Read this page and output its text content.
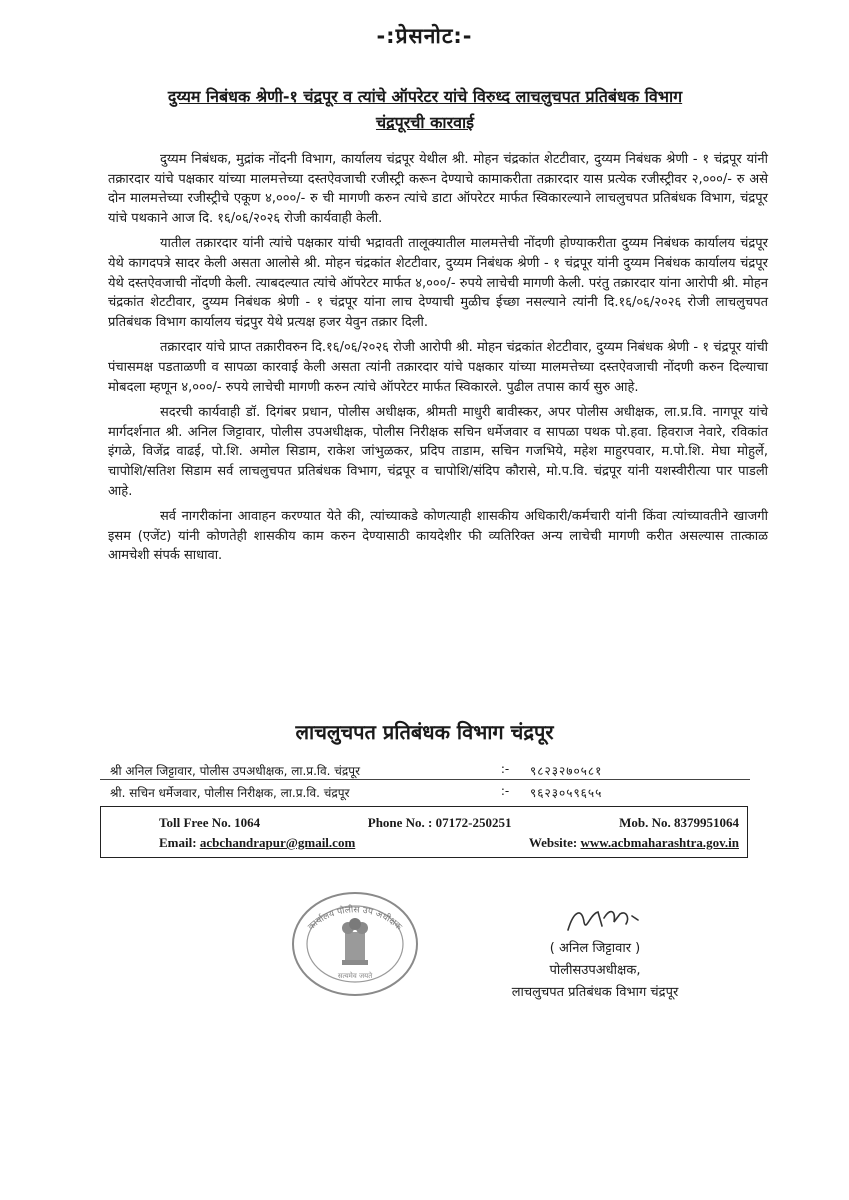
-:प्रेसनोट:-
दुय्यम निबंधक श्रेणी-१ चंद्रपूर व त्यांचे ऑपरेटर यांचे विरुध्द लाचलुचपत प्रतिबंधक विभाग
चंद्रपूरची कारवाई

दुय्यम निबंधक, मुद्रांक नोंदनी विभाग, कार्यालय चंद्रपूर येथील श्री. मोहन चंद्रकांत शेटटीवार, दुय्यम निबंधक श्रेणी - १ चंद्रपूर यांनी तक्रारदार यांचे पक्षकार यांच्या मालमत्तेच्या दस्तऐवजाची रजीस्ट्री करून देण्याचे कामाकरीता तक्रारदार यास प्रत्येक रजीस्ट्रीवर २,०००/- रु असे दोन मालमत्तेच्या रजीस्ट्रीचे एकूण ४,०००/- रु ची मागणी करुन त्यांचे डाटा ऑपरेटर मार्फत स्विकारल्याने लाचलुचपत प्रतिबंधक विभाग, चंद्रपूर यांचे पथकाने आज दि. १६/०६/२०२६ रोजी कार्यवाही केली.

यातील तक्रारदार यांनी त्यांचे पक्षकार यांची भद्रावती तालूक्यातील मालमत्तेची नोंदणी होण्याकरीता दुय्यम निबंधक कार्यालय चंद्रपूर येथे कागदपत्रे सादर केली असता आलोसे श्री. मोहन चंद्रकांत शेटटीवार, दुय्यम निबंधक श्रेणी - १ चंद्रपूर यांनी दुय्यम निबंधक कार्यालय चंद्रपूर येथे दस्तऐवजाची नोंदणी केली. त्याबदल्यात त्यांचे ऑपरेटर मार्फत ४,०००/- रुपये लाचेची मागणी केली. परंतु तक्रारदार यांना आरोपी श्री. मोहन चंद्रकांत शेटटीवार, दुय्यम निबंधक श्रेणी - १ चंद्रपूर यांना लाच देण्याची मुळीच ईच्छा नसल्याने त्यांनी दि.१६/०६/२०२६ रोजी लाचलुचपत प्रतिबंधक विभाग कार्यालय चंद्रपुर येथे प्रत्यक्ष हजर येवुन तक्रार दिली.

तक्रारदार यांचे प्राप्त तक्रारीवरुन दि.१६/०६/२०२६ रोजी आरोपी श्री. मोहन चंद्रकांत शेटटीवार, दुय्यम निबंधक श्रेणी - १ चंद्रपूर यांची पंचासमक्ष पडताळणी व सापळा कारवाई केली असता त्यांनी तक्रारदार यांचे पक्षकार यांच्या मालमत्तेच्या दस्तऐवजाची नोंदणी करुन दिल्याचा मोबदला म्हणून ४,०००/- रुपये लाचेची मागणी करुन त्यांचे ऑपरेटर मार्फत स्विकारले. पुढील तपास कार्य सुरु आहे.

सदरची कार्यवाही डॉ. दिगंबर प्रधान, पोलीस अधीक्षक, श्रीमती माधुरी बावीस्कर, अपर पोलीस अधीक्षक, ला.प्र.वि. नागपूर यांचे मार्गदर्शनात श्री. अनिल जिट्टावार, पोलीस उपअधीक्षक, पोलीस निरीक्षक सचिन धर्मेजवार व सापळा पथक पो.हवा. हिवराज नेवारे, रविकांत इंगळे, विजेंद्र वाढई, पो.शि. अमोल सिडाम, राकेश जांभुळकर, प्रदिप ताडाम, सचिन गजभिये, महेश माहुरपवार, म.पो.शि. मेघा मोहुर्ले, चापोशि/सतिश सिडाम सर्व लाचलुचपत प्रतिबंधक विभाग, चंद्रपूर व चापोशि/संदिप कौरासे, मो.प.वि. चंद्रपूर यांनी यशस्वीरीत्या पार पाडली आहे.

सर्व नागरीकांना आवाहन करण्यात येते की, त्यांच्याकडे कोणत्याही शासकीय अधिकारी/कर्मचारी यांनी किंवा त्यांच्यावतीने खाजगी इसम (एजेंट) यांनी कोणतेही शासकीय काम करुन देण्यासाठी कायदेशीर फी व्यतिरिक्त अन्य लाचेची मागणी करीत असल्यास तात्काळ आमचेशी संपर्क साधावा.

लाचलुचपत प्रतिबंधक विभाग चंद्रपूर
श्री अनिल जिट्टावार, पोलीस उपअधीक्षक, ला.प्र.वि. चंद्रपूर	:-	९८२३२७०५८१
श्री. सचिन धर्मेजवार, पोलीस निरीक्षक, ला.प्र.वि. चंद्रपूर	:-	९६२३०५९६५५
Toll Free No. 1064	Phone No. : 07172-250251	Mob. No. 8379951064
Email: acbchandrapur@gmail.com	Website: www.acbmaharashtra.gov.in
कार्यालय पोलीस उप अधीक्षक
सत्यमेव जयते
( अनिल जिट्टावार )
पोलीसउपअधीक्षक,
लाचलुचपत प्रतिबंधक विभाग चंद्रपूर
